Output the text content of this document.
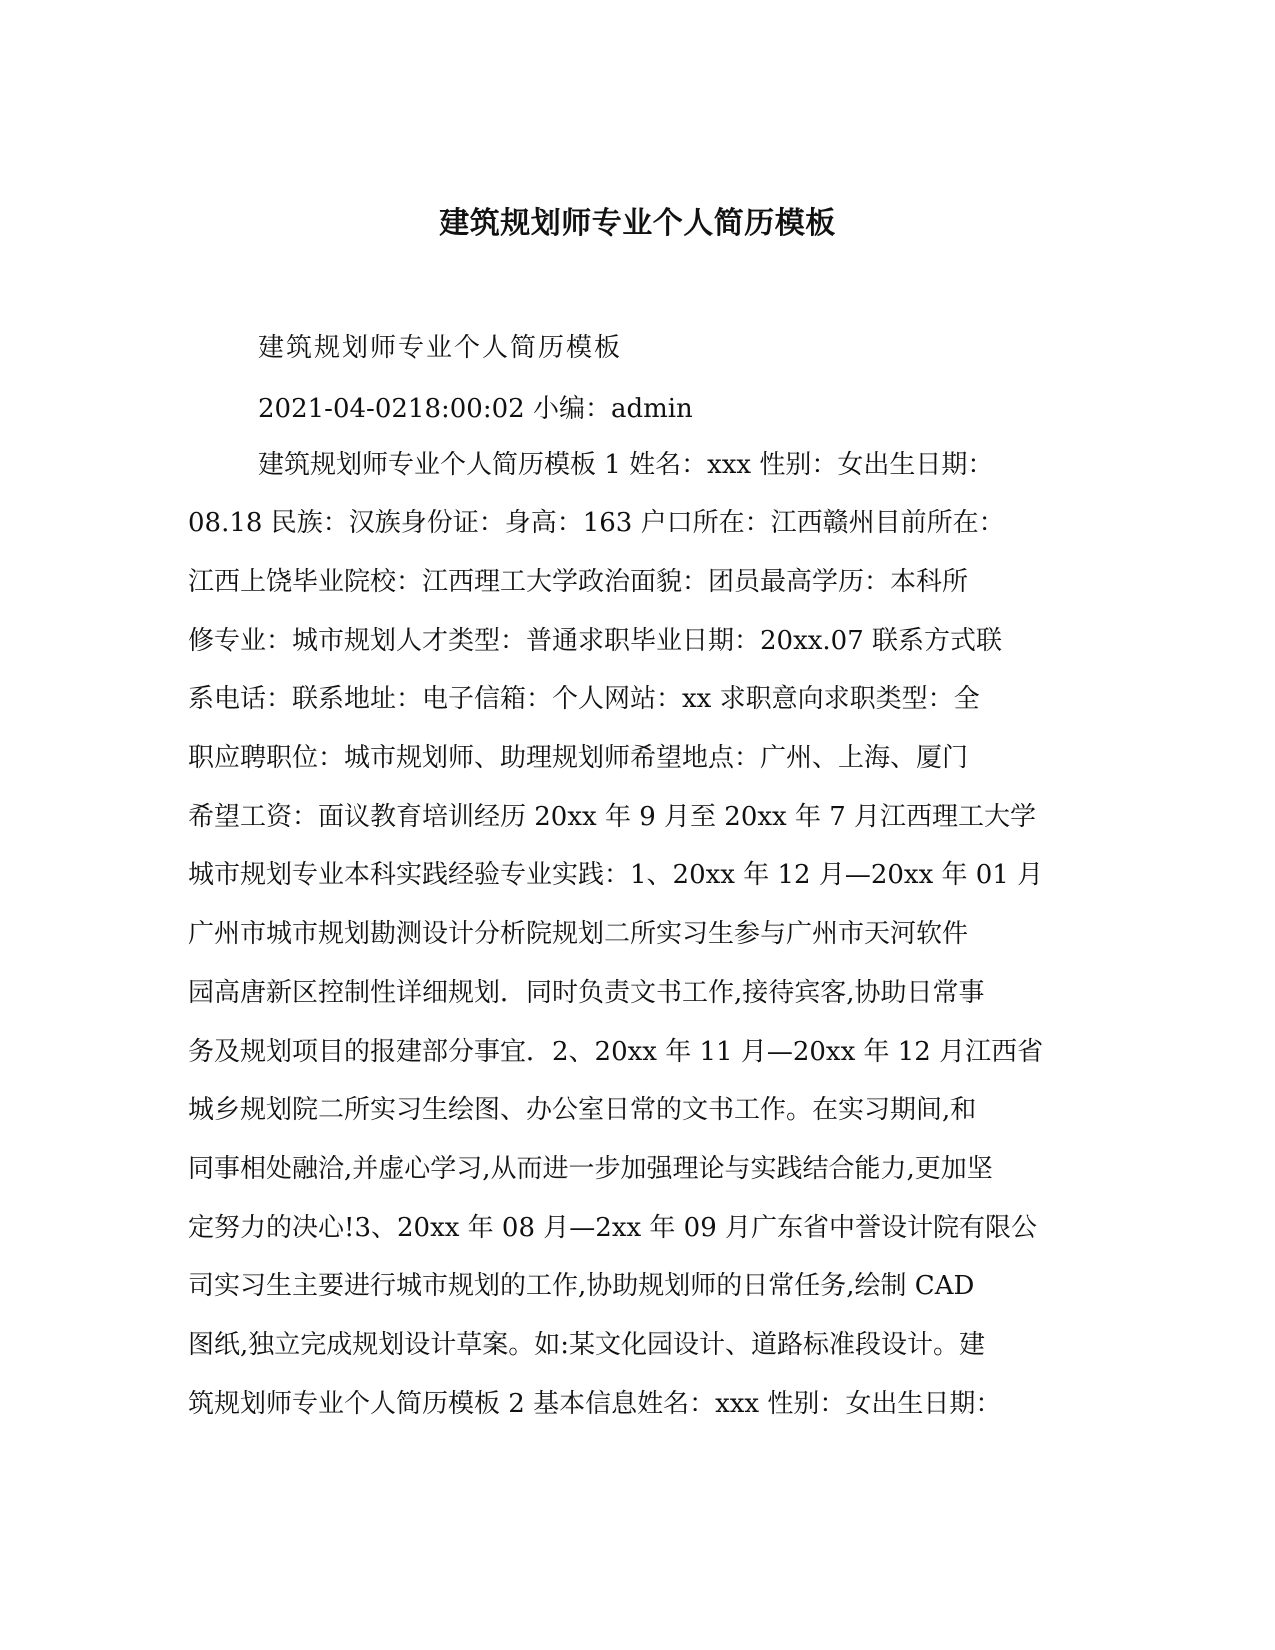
建筑规划师专业个人简历模板
建筑规划师专业个人简历模板
2021-04-0218:00:02 小编：admin
建筑规划师专业个人简历模板 1 姓名：xxx 性别：女出生日期：
08.18 民族：汉族身份证：身高：163 户口所在：江西赣州目前所在：
江西上饶毕业院校：江西理工大学政治面貌：团员最高学历：本科所
修专业：城市规划人才类型：普通求职毕业日期：20xx.07 联系方式联
系电话：联系地址：电子信箱：个人网站：xx 求职意向求职类型：全
职应聘职位：城市规划师、助理规划师希望地点：广州、上海、厦门
希望工资：面议教育培训经历 20xx 年 9 月至 20xx 年 7 月江西理工大学
城市规划专业本科实践经验专业实践：1、20xx 年 12 月—20xx 年 01 月
广州市城市规划勘测设计分析院规划二所实习生参与广州市天河软件
园高唐新区控制性详细规划．同时负责文书工作,接待宾客,协助日常事
务及规划项目的报建部分事宜．2、20xx 年 11 月—20xx 年 12 月江西省
城乡规划院二所实习生绘图、办公室日常的文书工作。在实习期间,和
同事相处融洽,并虚心学习,从而进一步加强理论与实践结合能力,更加坚
定努力的决心!3、20xx 年 08 月—2xx 年 09 月广东省中誉设计院有限公
司实习生主要进行城市规划的工作,协助规划师的日常任务,绘制 CAD
图纸,独立完成规划设计草案。如:某文化园设计、道路标准段设计。建
筑规划师专业个人简历模板 2 基本信息姓名：xxx 性别：女出生日期：
